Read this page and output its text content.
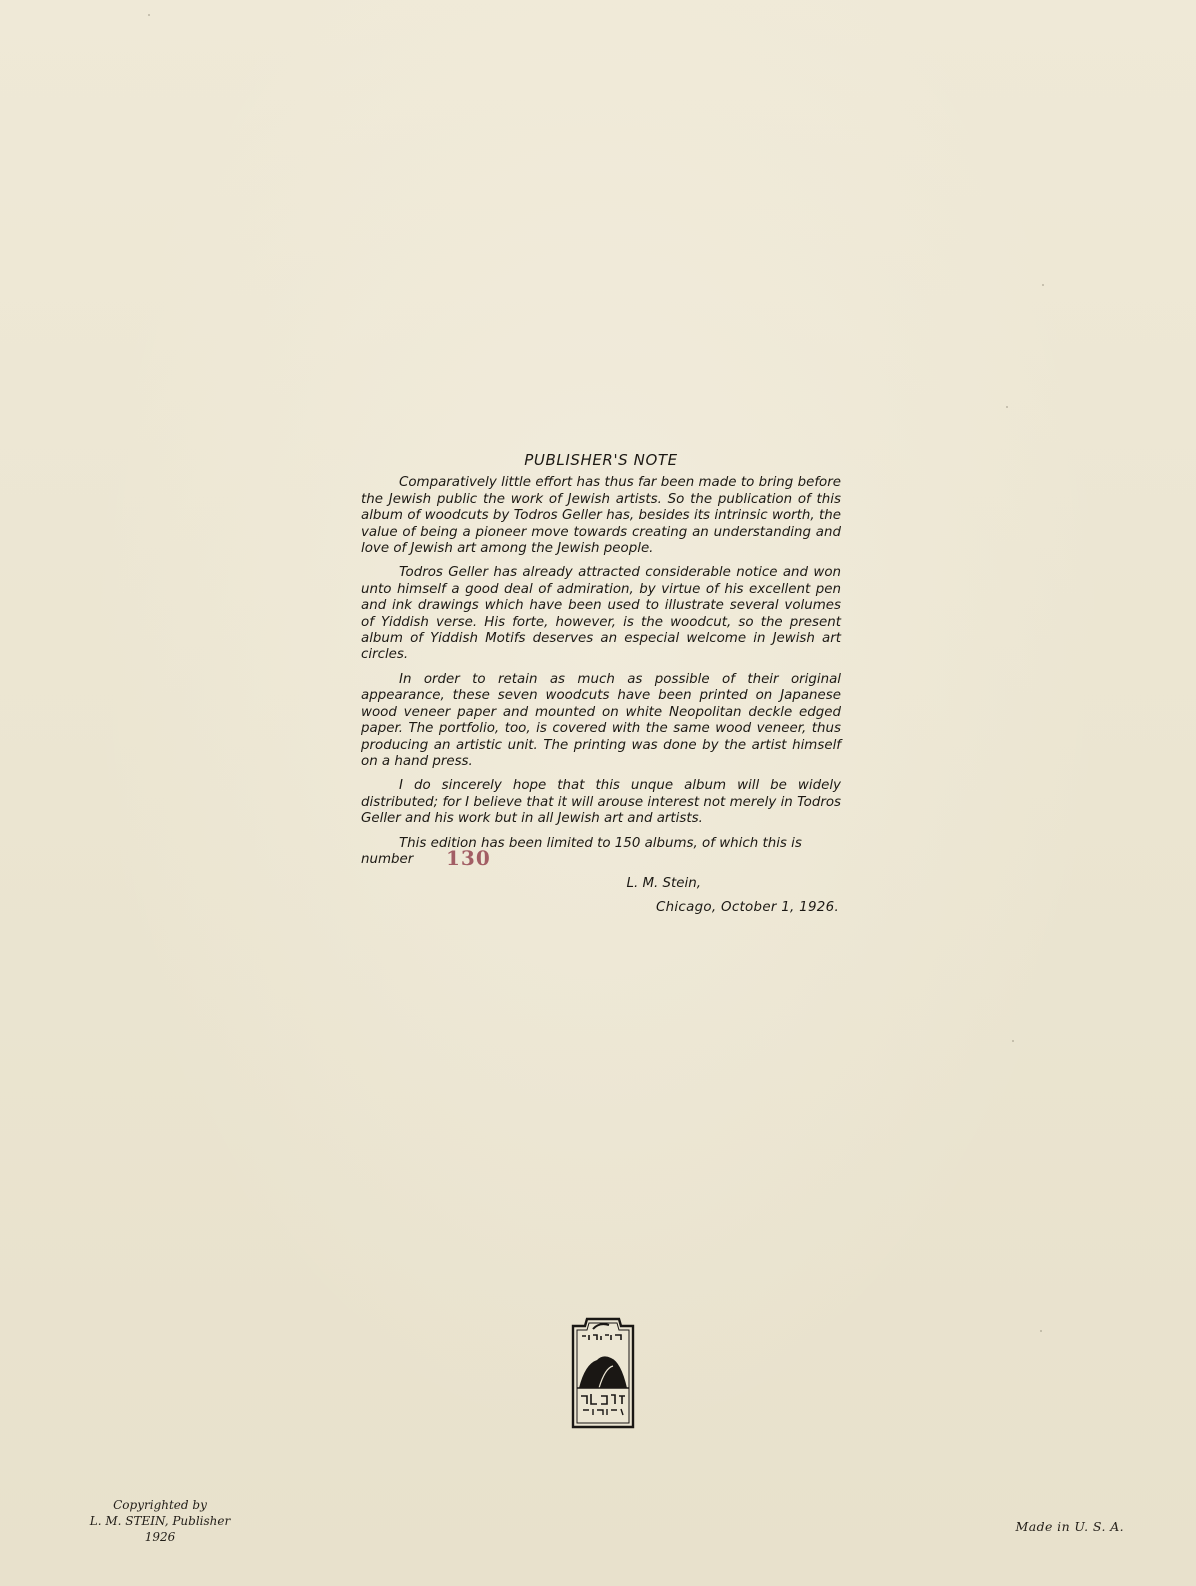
PUBLISHER'S NOTE

Comparatively little effort has thus far been made to bring before the Jewish public the work of Jewish artists. So the publication of this album of woodcuts by Todros Geller has, besides its intrinsic worth, the value of being a pioneer move towards creating an understanding and love of Jewish art among the Jewish people.

Todros Geller has already attracted considerable notice and won unto himself a good deal of admiration, by virtue of his excellent pen and ink drawings which have been used to illustrate several volumes of Yiddish verse. His forte, however, is the woodcut, so the present album of Yiddish Motifs deserves an especial welcome in Jewish art circles.

In order to retain as much as possible of their original appearance, these seven woodcuts have been printed on Japanese wood veneer paper and mounted on white Neopolitan deckle edged paper. The portfolio, too, is covered with the same wood veneer, thus producing an artistic unit. The printing was done by the artist himself on a hand press.

I do sincerely hope that this unque album will be widely distributed; for I believe that it will arouse interest not merely in Todros Geller and his work but in all Jewish art and artists.

This edition has been limited to 150 albums, of which this is

number 130
L. M. Stein,
Chicago, October 1, 1926.
Copyrighted by
L. M. STEIN, Publisher
1926
Made in U. S. A.
